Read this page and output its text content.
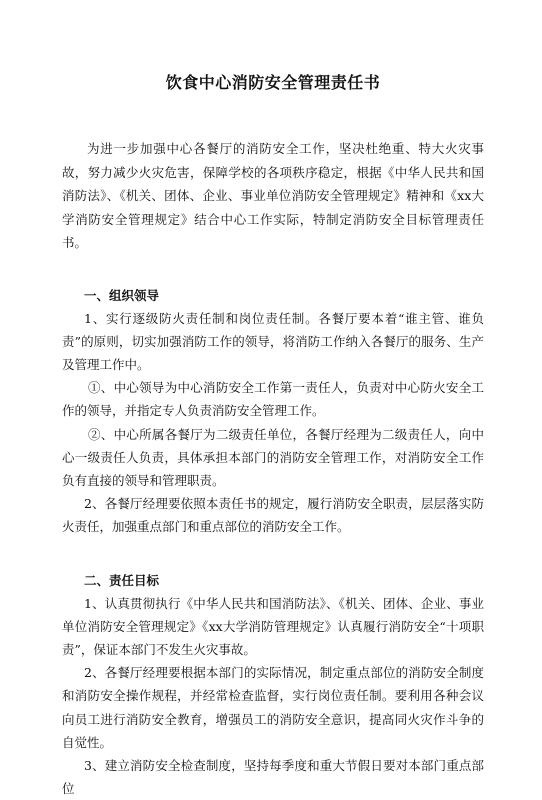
饮食中心消防安全管理责任书

为进一步加强中心各餐厅的消防安全工作，坚决杜绝重、特大火灾事故，努力减少火灾危害，保障学校的各项秩序稳定，根据《中华人民共和国消防法》、《机关、团体、企业、事业单位消防安全管理规定》精神和《xx大学消防安全管理规定》结合中心工作实际，特制定消防安全目标管理责任书。

一、组织领导

1、实行逐级防火责任制和岗位责任制。各餐厅要本着“谁主管、谁负责”的原则，切实加强消防工作的领导，将消防工作纳入各餐厅的服务、生产及管理工作中。

①、中心领导为中心消防安全工作第一责任人，负责对中心防火安全工作的领导，并指定专人负责消防安全管理工作。

②、中心所属各餐厅为二级责任单位，各餐厅经理为二级责任人，向中心一级责任人负责，具体承担本部门的消防安全管理工作，对消防安全工作负有直接的领导和管理职责。

2、各餐厅经理要依照本责任书的规定，履行消防安全职责，层层落实防火责任，加强重点部门和重点部位的消防安全工作。

二、责任目标

1、认真贯彻执行《中华人民共和国消防法》、《机关、团体、企业、事业单位消防安全管理规定》《xx大学消防管理规定》认真履行消防安全“十项职责”，保证本部门不发生火灾事故。

2、各餐厅经理要根据本部门的实际情况，制定重点部位的消防安全制度和消防安全操作规程，并经常检查监督，实行岗位责任制。要利用各种会议向员工进行消防安全教育，增强员工的消防安全意识，提高同火灾作斗争的自觉性。

3、建立消防安全检查制度，坚持每季度和重大节假日要对本部门重点部位
